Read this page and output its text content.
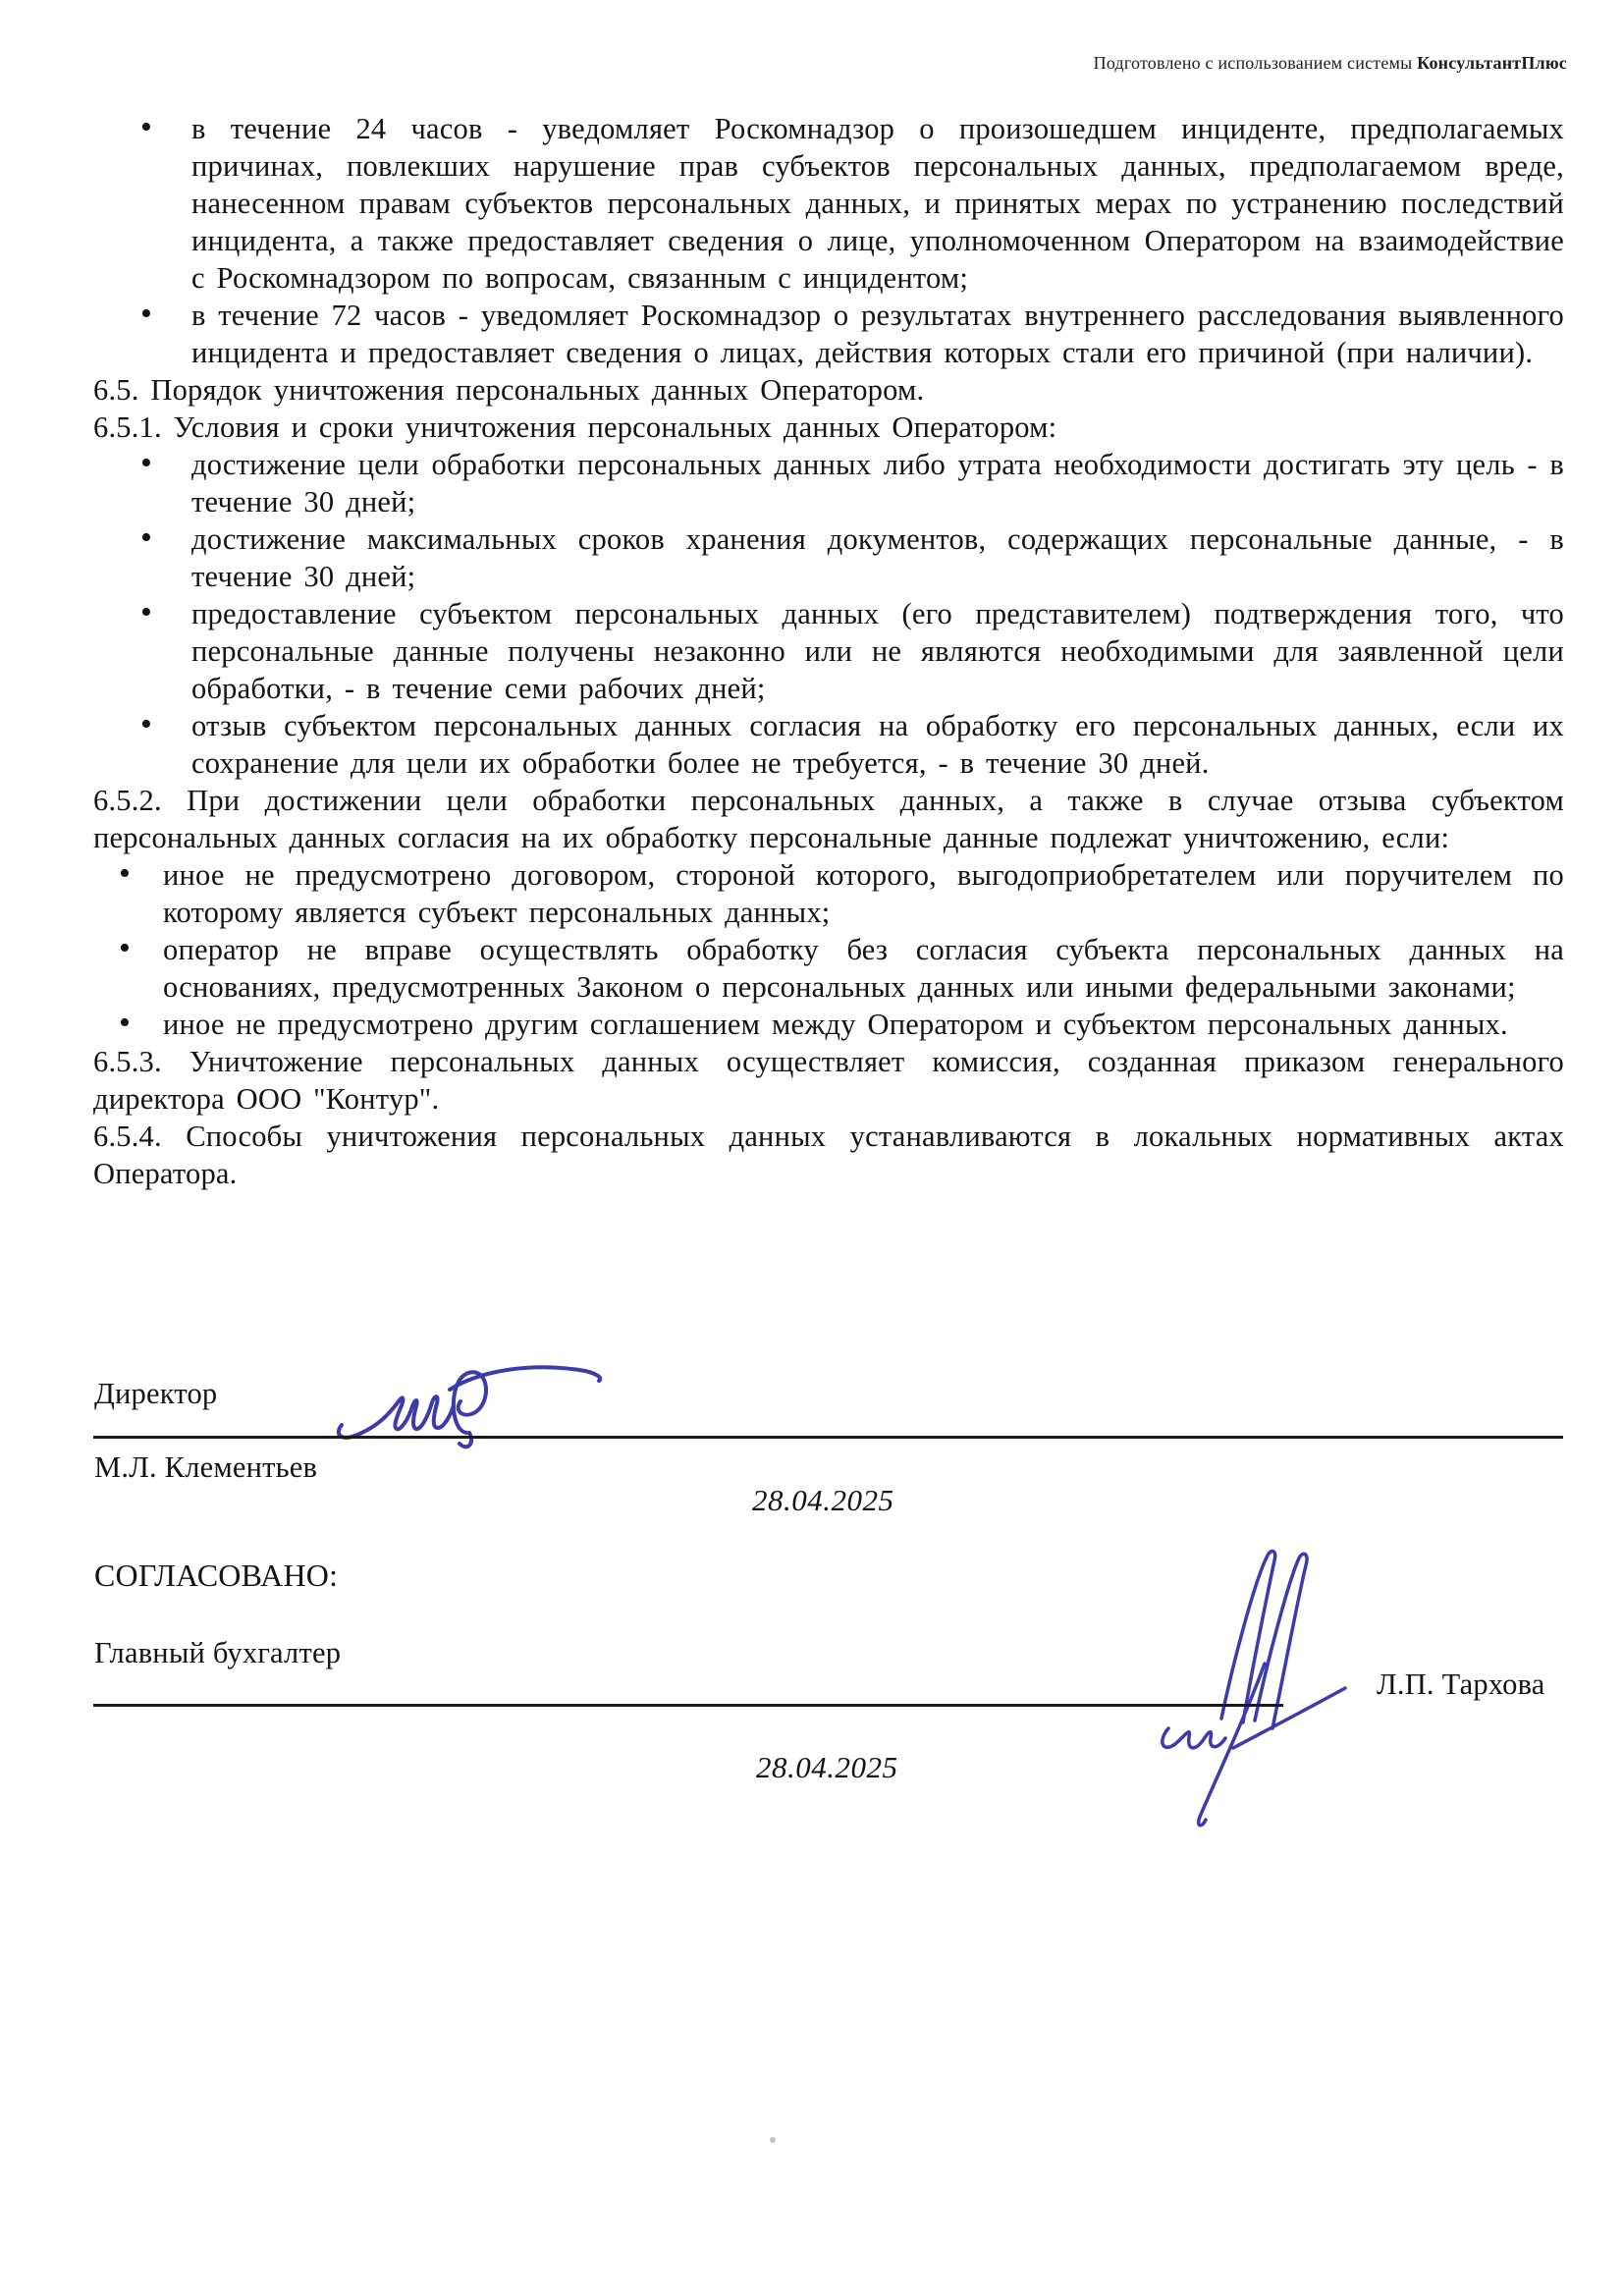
Подготовлено с использованием системы КонсультантПлюс
• в течение 24 часов - уведомляет Роскомнадзор о произошедшем инциденте, предполагаемых причинах, повлекших нарушение прав субъектов персональных данных, предполагаемом вреде, нанесенном правам субъектов персональных данных, и принятых мерах по устранению последствий инцидента, а также предоставляет сведения о лице, уполномоченном Оператором на взаимодействие с Роскомнадзором по вопросам, связанным с инцидентом;
• в течение 72 часов - уведомляет Роскомнадзор о результатах внутреннего расследования выявленного инцидента и предоставляет сведения о лицах, действия которых стали его причиной (при наличии).
6.5. Порядок уничтожения персональных данных Оператором.
6.5.1. Условия и сроки уничтожения персональных данных Оператором:
• достижение цели обработки персональных данных либо утрата необходимости достигать эту цель - в течение 30 дней;
• достижение максимальных сроков хранения документов, содержащих персональные данные, - в течение 30 дней;
• предоставление субъектом персональных данных (его представителем) подтверждения того, что персональные данные получены незаконно или не являются необходимыми для заявленной цели обработки, - в течение семи рабочих дней;
• отзыв субъектом персональных данных согласия на обработку его персональных данных, если их сохранение для цели их обработки более не требуется, - в течение 30 дней.
6.5.2. При достижении цели обработки персональных данных, а также в случае отзыва субъектом персональных данных согласия на их обработку персональные данные подлежат уничтожению, если:
• иное не предусмотрено договором, стороной которого, выгодоприобретателем или поручителем по которому является субъект персональных данных;
• оператор не вправе осуществлять обработку без согласия субъекта персональных данных на основаниях, предусмотренных Законом о персональных данных или иными федеральными законами;
• иное не предусмотрено другим соглашением между Оператором и субъектом персональных данных.
6.5.3. Уничтожение персональных данных осуществляет комиссия, созданная приказом генерального директора ООО "Контур".
6.5.4. Способы уничтожения персональных данных устанавливаются в локальных нормативных актах Оператора.
Директор
М.Л. Клементьев
28.04.2025
СОГЛАСОВАНО:
Главный бухгалтер
Л.П. Тархова
28.04.2025
